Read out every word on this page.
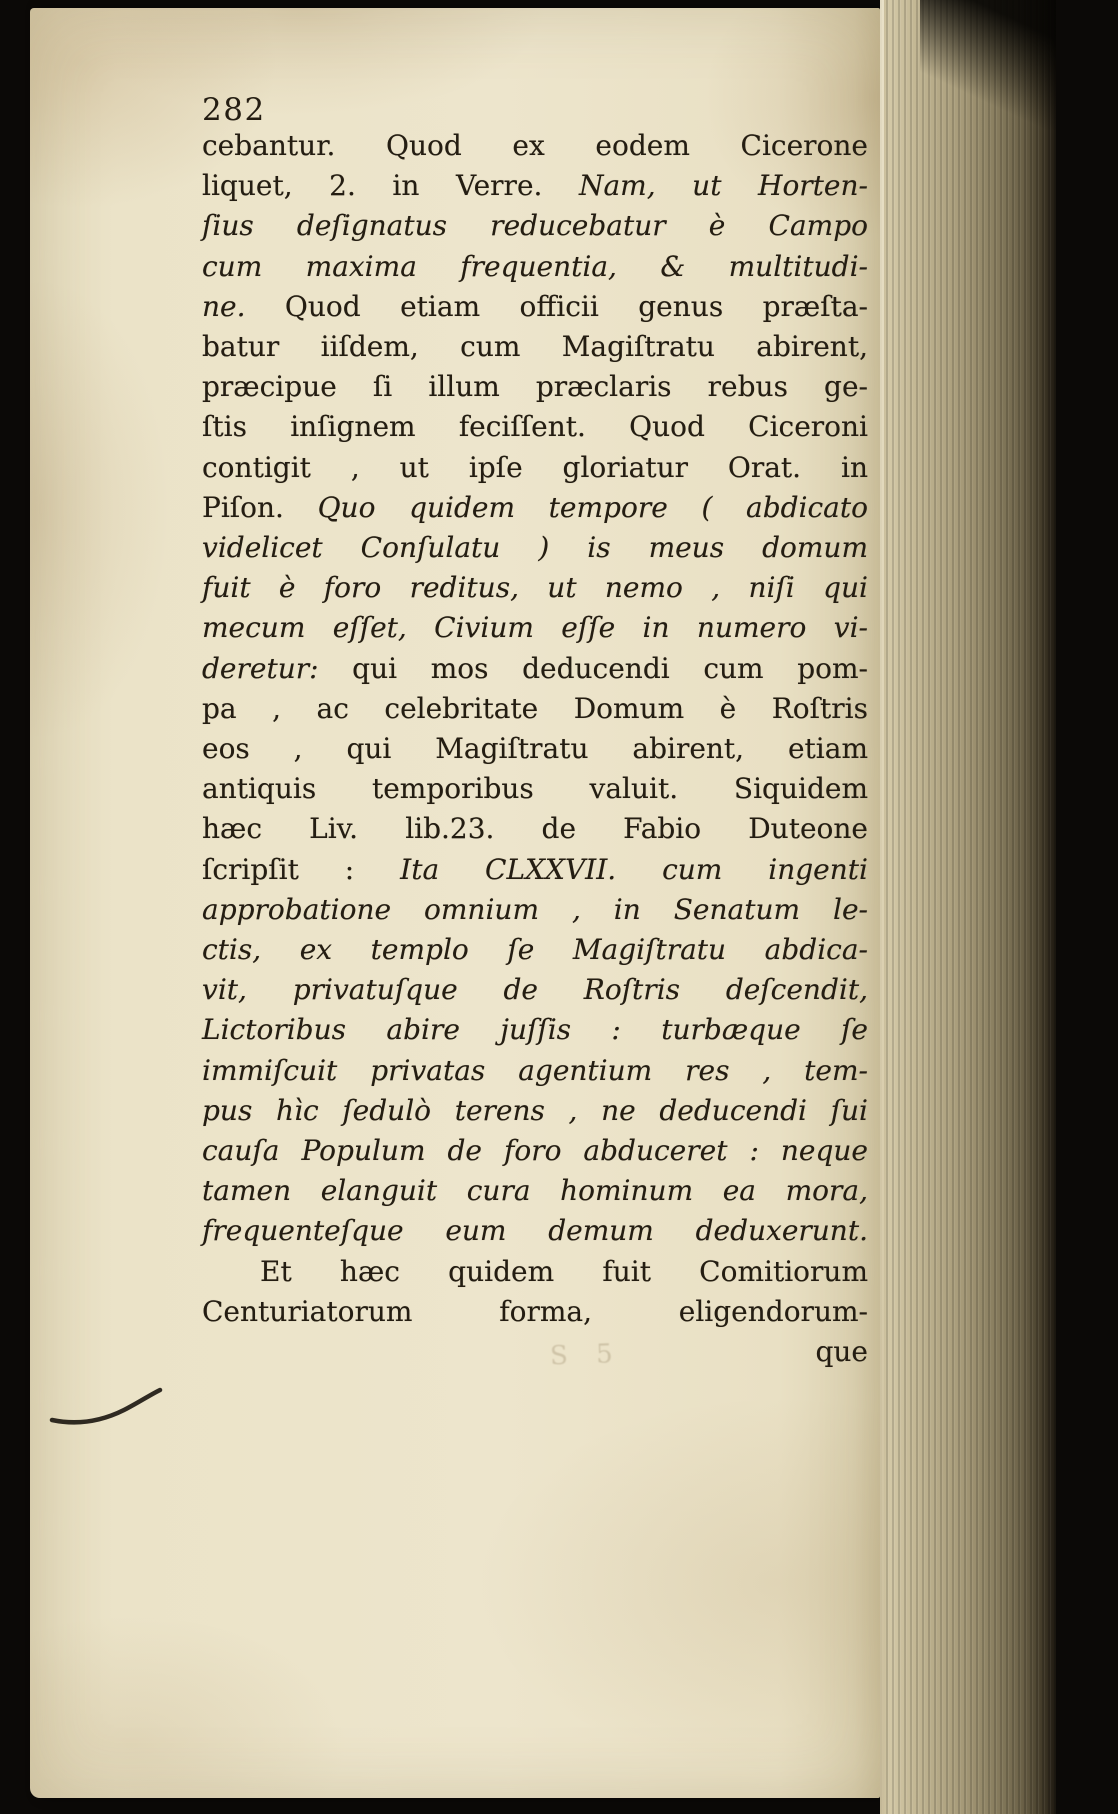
282
cebantur. Quod ex eodem Cicerone
liquet, 2. in Verre. Nam, ut Horten-
ſius deſignatus reducebatur è Campo
cum maxima frequentia, & multitudi-
ne. Quod etiam officii genus præſta-
batur iiſdem, cum Magiſtratu abirent,
præcipue ſi illum præclaris rebus ge-
ſtis inſignem feciſſent. Quod Ciceroni
contigit , ut ipſe gloriatur Orat. in
Piſon. Quo quidem tempore ( abdicato
videlicet Conſulatu ) is meus domum
fuit è foro reditus, ut nemo , niſi qui
mecum eſſet, Civium eſſe in numero vi-
deretur: qui mos deducendi cum pom-
pa , ac celebritate Domum è Roſtris
eos , qui Magiſtratu abirent, etiam
antiquis temporibus valuit. Siquidem
hæc Liv. lib.23. de Fabio Duteone
ſcripſit : Ita CLXXVII. cum ingenti
approbatione omnium , in Senatum le-
ctis, ex templo ſe Magiſtratu abdica-
vit, privatuſque de Roſtris deſcendit,
Lictoribus abire juſſis : turbæque ſe
immiſcuit privatas agentium res , tem-
pus hìc ſedulò terens , ne deducendi ſui
cauſa Populum de foro abduceret : neque
tamen elanguit cura hominum ea mora,
frequenteſque eum demum deduxerunt.
Et hæc quidem fuit Comitiorum
Centuriatorum forma, eligendorum-
que
S 5
